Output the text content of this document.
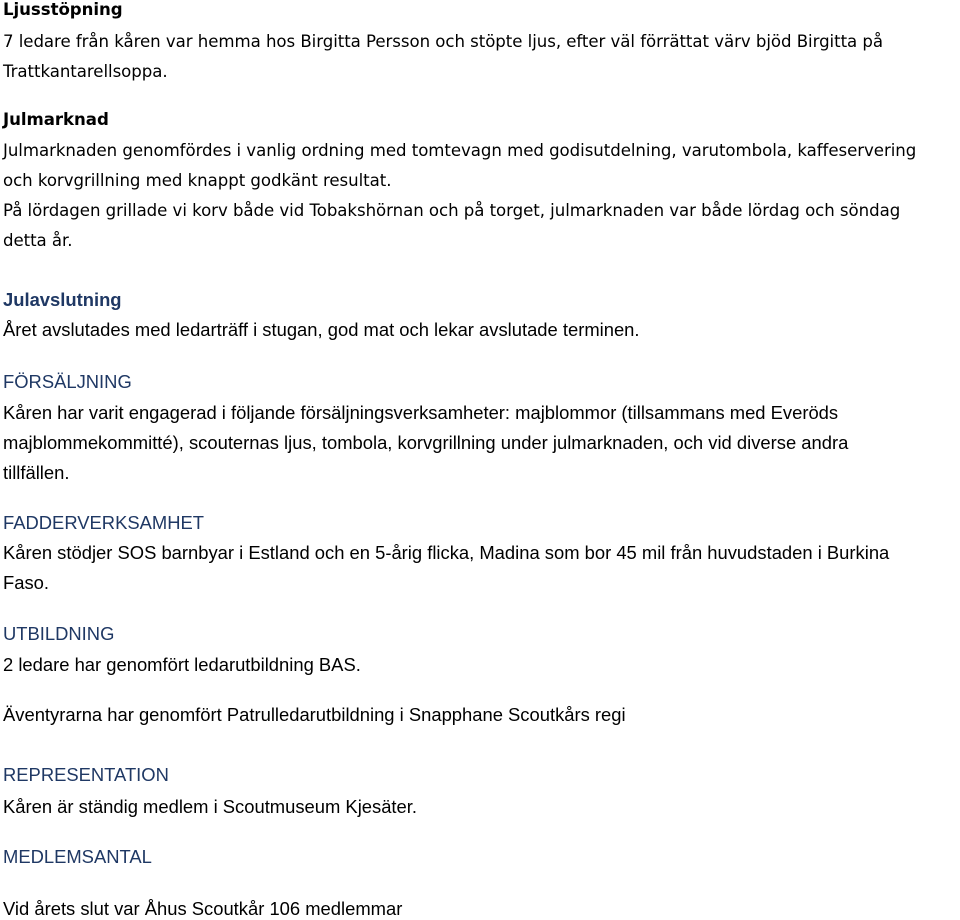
Ljusstöpning
7 ledare från kåren var hemma hos Birgitta Persson och stöpte ljus, efter väl förrättat värv bjöd Birgitta på
Trattkantarellsoppa.
Julmarknad
Julmarknaden genomfördes i vanlig ordning med tomtevagn med godisutdelning, varutombola, kaffeservering
och korvgrillning med knappt godkänt resultat.
På lördagen grillade vi korv både vid Tobakshörnan och på torget, julmarknaden var både lördag och söndag
detta år.
Julavslutning
Året avslutades med ledarträff i stugan, god mat och lekar avslutade terminen.
FÖRSÄLJNING
Kåren har varit engagerad i följande försäljningsverksamheter: majblommor (tillsammans med Everöds
majblommekommitté), scouternas ljus, tombola, korvgrillning under julmarknaden, och vid diverse andra
tillfällen.
FADDERVERKSAMHET
Kåren stödjer SOS barnbyar i Estland och en 5-årig flicka, Madina som bor 45 mil från huvudstaden i Burkina
Faso.
UTBILDNING
2 ledare har genomfört ledarutbildning BAS.
Äventyrarna har genomfört Patrulledarutbildning i Snapphane Scoutkårs regi
REPRESENTATION
Kåren är ständig medlem i Scoutmuseum Kjesäter.
MEDLEMSANTAL
Vid årets slut var Åhus Scoutkår 106 medlemmar
